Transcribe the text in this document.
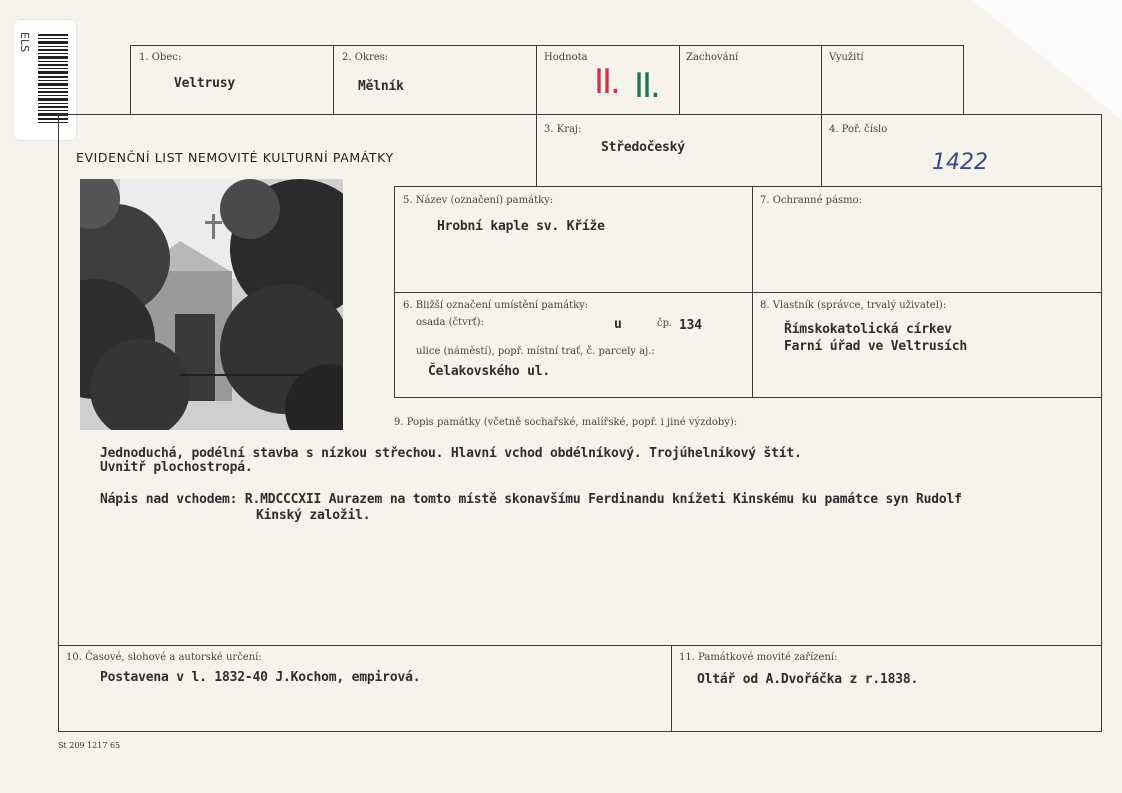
ELS
1. Obec:
Veltrusy
2. Okres:
Mělník
Hodnota
II. II.
Zachování	Využití
EVIDENČNÍ LIST NEMOVITÉ KULTURNÍ PAMÁTKY
3. Kraj:
Středočeský
4. Poř. číslo
1422
5. Název (označení) památky:
Hrobní kaple sv. Kříže
7. Ochranné pásmo:
6. Bližší označení umístění památky:
osada (čtvrť):	u	čp. 134
ulice (náměstí), popř. místní trať, č. parcely aj.:
Čelakovského ul.
8. Vlastník (správce, trvalý uživatel):
Římskokatolická církev
Farní úřad ve Veltrusích
9. Popis památky (včetně sochařské, malířské, popř. i jiné výzdoby):
Jednoduchá, podélní stavba s nízkou střechou. Hlavní vchod obdélníkový. Trojúhelníkový štít.
Uvnitř plochostropá.
Nápis nad vchodem: R.MDCCCXII Aurazem na tomto místě skonavšímu Ferdinandu knížeti Kinskému ku památce syn Rudolf
Kinský založil.
10. Časové, slohové a autorské určení:
Postavena v l. 1832-40 J.Kochom, empirová.
11. Památkové movité zařízení:
Oltář od A.Dvořáčka z r.1838.
St 209 1217 65
